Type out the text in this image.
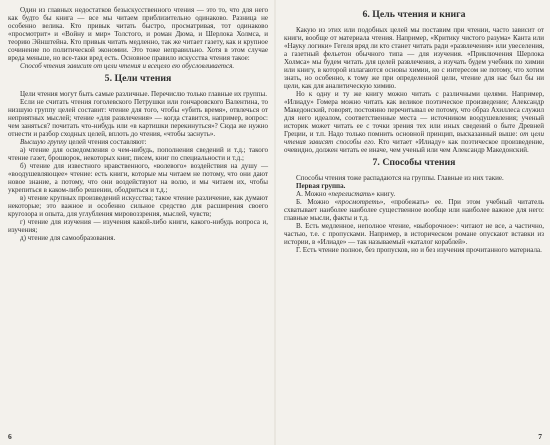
Один из главных недостатков безыскусственного чтения — это то, что для него как будто бы книга — все мы читаем приблизительно одинаково. Разница не особенно велика. Кто привык читать быстро, просматривая, тот одинаково «просмотрит» и «Войну и мир» Толстого, и роман Дюма, и Шерлока Холмса, и теорию Эйнштейна. Кто привык читать медленно, так же читает газету, как и крупное сочинение по политической экономии. Это тоже неправильно. Хотя в этом случае вреда меньше, но все-таки вред есть. Основное правило искусства чтения такое:

Способ чтения зависит от цели чтения и всецело ею обусловливается.

5. Цели чтения

Цели чтения могут быть самые различные. Перечислю только главные их группы.

Если не считать чтения гоголевского Петрушки или гончаровского Валентина, то низшую группу целей составит: чтение для того, чтобы «убить время», отвлечься от неприятных мыслей; чтение «для развлечения» — когда ставится, например, вопрос: чем заняться? почитать что-нибудь или «в картишки перекинуться»? Сюда же нужно отнести и разбор сходных целей, вплоть до чтения, «чтобы заснуть».

Высшую группу целей чтения составляют:

а) чтение для осведомления о чем-нибудь, пополнения сведений и т.д.; такого чтение газет, брошюрок, некоторых книг, писем, книг по специальности и т.д.;

б) чтение для известного нравственного, «волевого» воздействия на душу — «воодушевляющее» чтение: есть книги, которые мы читаем не потому, что они дают новое знание, а потому, что они воздействуют на волю, и мы читаем их, чтобы укрепиться в каком-либо решении, ободриться и т.д.;

в) чтение крупных произведений искусства; такое чтение различение, как думают некоторые; это важное и особенно сильное средство для расширения своего кругозора и опыта, для углубления мировоззрения, мыслей, чувств;

г) чтение для изучения — изучения какой-либо книги, какого-нибудь вопроса и, изучения;

д) чтение для самообразования.

6
6. Цель чтения и книга

Какую из этих или подобных целей мы поставим при чтении, часто зависит от книги, вообще от материала чтения. Например, «Критику чистого разума» Канта или «Науку логики» Гегеля вряд ли кто станет читать ради «развлечения» или увеселения, а газетный фельетон обычного типа — для изучения. «Приключения Шерлока Холмса» мы будем читать для целей развлечения, а изучать будем учебник по химии или книгу, в которой излагаются основы химии, но с интересом не потому, что хотим знать, но особенно, к тому же при определенной цели, чтение для нас был бы ни цели, как для аналитическую химию.

Но к одну и ту же книгу можно читать с различными целями. Например, «Илиаду» Гомера можно читать как великое поэтическое произведение; Александр Македонский, говорят, постоянно перечитывал ее потому, что образ Ахиллеса служил для него идеалом, соответственные места — источником воодушевления; ученый историк может читать ее с точки зрения тех или иных сведений о быте Древней Греции, и т.п. Надо только помнить основной принцип, высказанный выше: от цели чтения зависят способы его. Кто читает «Илиаду» как поэтическое произведение, очевидно, должен читать ее иначе, чем ученый или чем Александр Македонский.

7. Способы чтения

Способы чтения тоже распадаются на группы. Главные из них такие.

Первая группа.

А. Можно «перелистать» книгу.

Б. Можно «просмотреть», «пробежать» ее. При этом учебный читатель схватывает наиболее наиболее существенное вообще или наиболее важное для него: главные мысли, факты и т.д.

В. Есть медленное, неполное чтение, «выборочное»: читают не все, а частично, частью, т.е. с пропусками. Например, в историческом романе опускают вставки из истории, в «Илиаде» — так называемый «каталог кораблей».

Г. Есть чтение полное, без пропусков, но и без изучения прочитанного материала.

7
